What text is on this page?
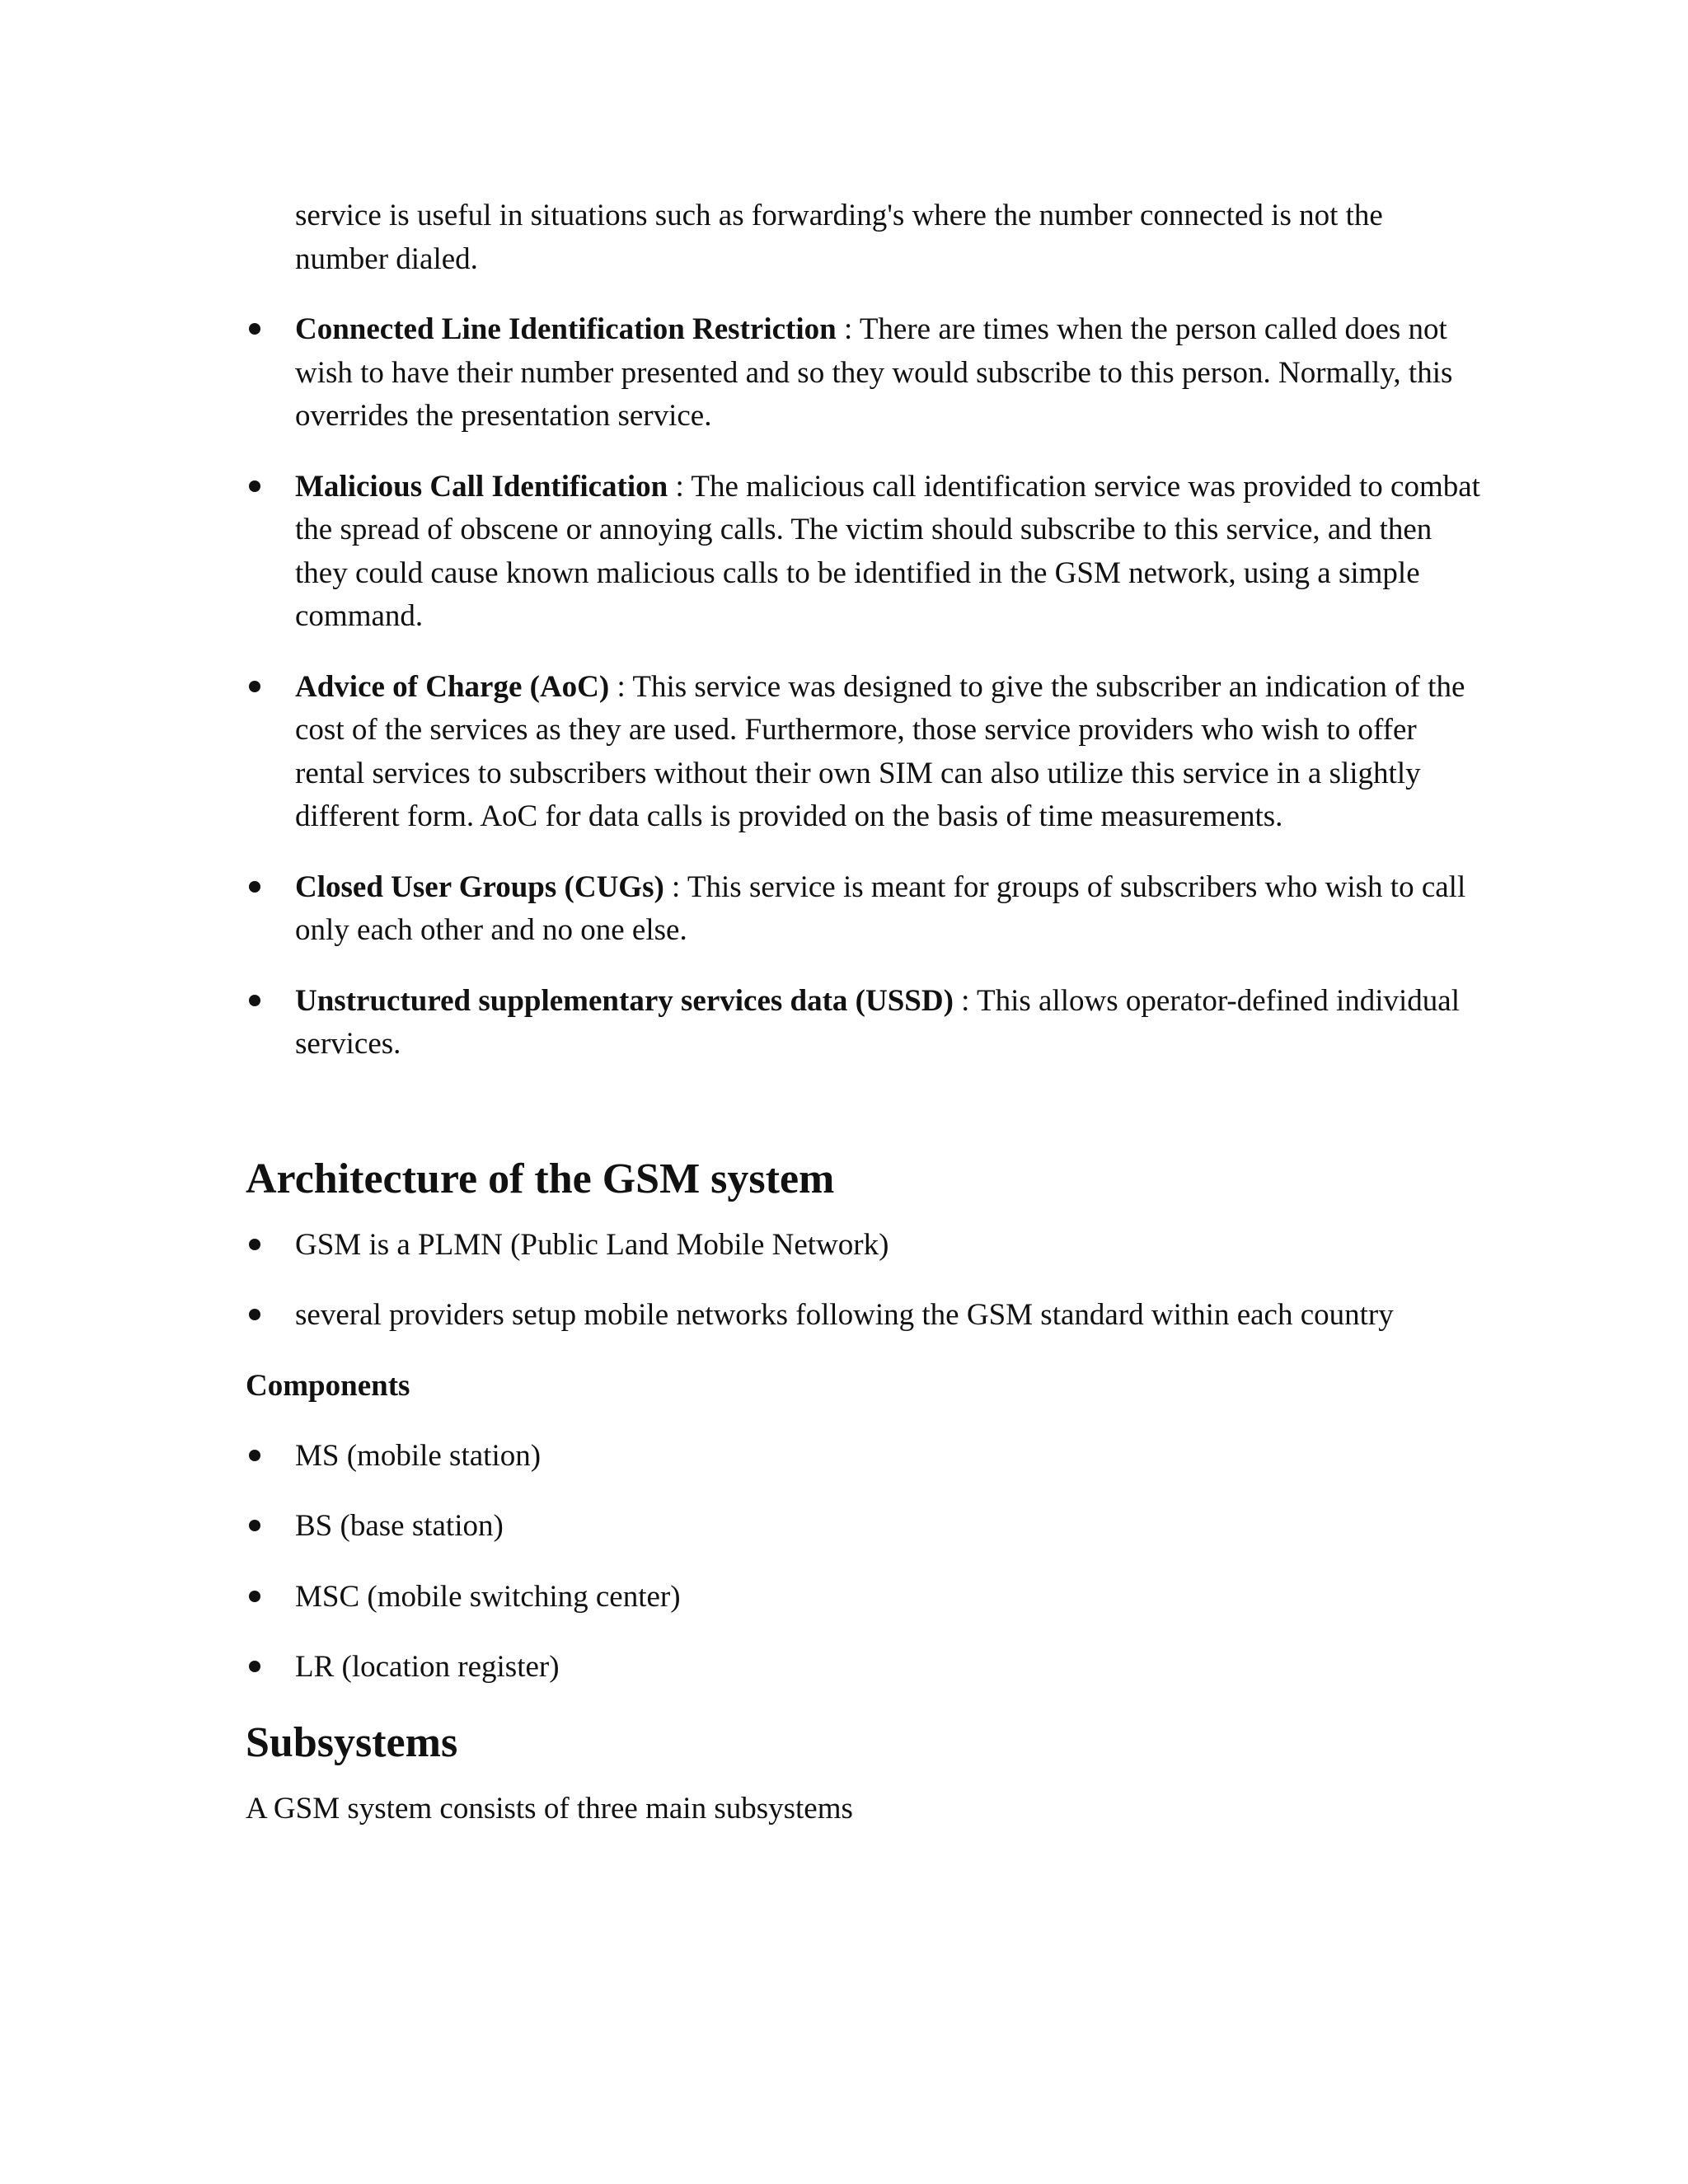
service is useful in situations such as forwarding's where the number connected is not the number dialed.
Connected Line Identification Restriction : There are times when the person called does not wish to have their number presented and so they would subscribe to this person. Normally, this overrides the presentation service.
Malicious Call Identification : The malicious call identification service was provided to combat the spread of obscene or annoying calls. The victim should subscribe to this service, and then they could cause known malicious calls to be identified in the GSM network, using a simple command.
Advice of Charge (AoC) : This service was designed to give the subscriber an indication of the cost of the services as they are used. Furthermore, those service providers who wish to offer rental services to subscribers without their own SIM can also utilize this service in a slightly different form. AoC for data calls is provided on the basis of time measurements.
Closed User Groups (CUGs) : This service is meant for groups of subscribers who wish to call only each other and no one else.
Unstructured supplementary services data (USSD) : This allows operator-defined individual services.
Architecture of the GSM system
GSM is a PLMN (Public Land Mobile Network)
several providers setup mobile networks following the GSM standard within each country
Components
MS (mobile station)
BS (base station)
MSC (mobile switching center)
LR (location register)
Subsystems

A GSM system consists of three main subsystems
